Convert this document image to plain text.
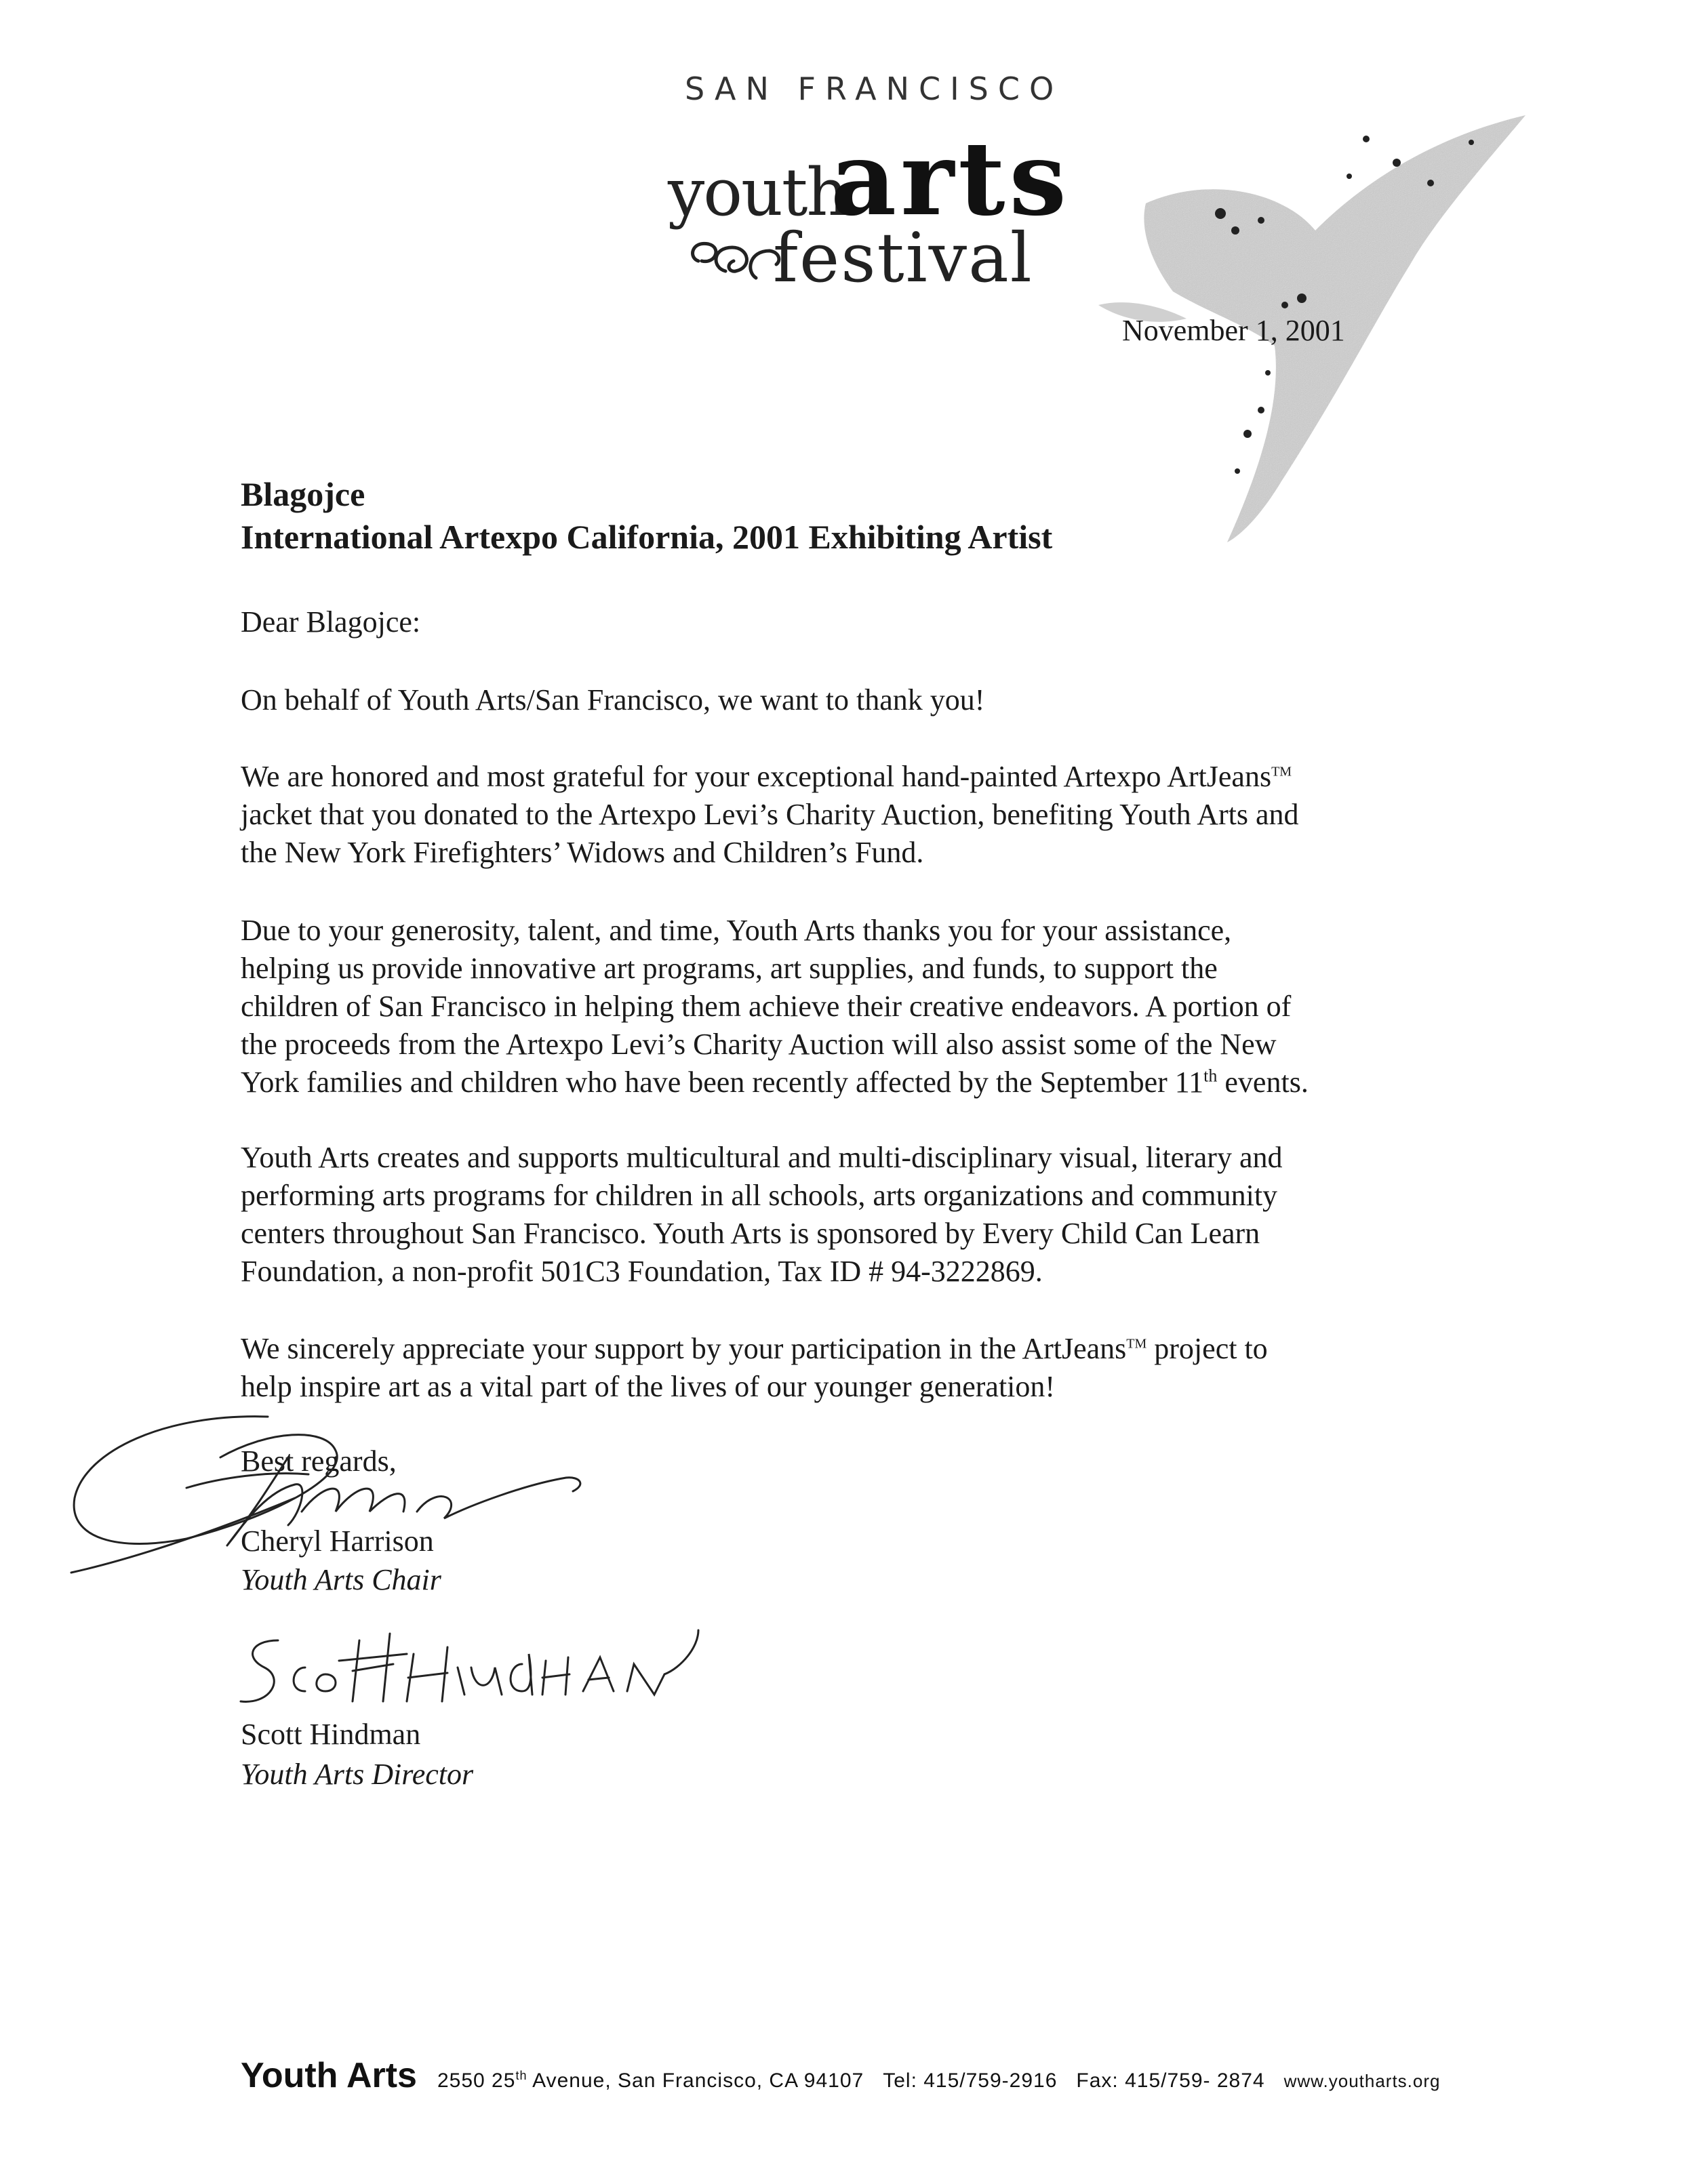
SAN FRANCISCO
youth
arts
festival
November 1, 2001
Blagojce
International Artexpo California, 2001 Exhibiting Artist
Dear Blagojce:
On behalf of Youth Arts/San Francisco, we want to thank you!
We are honored and most grateful for your exceptional hand-painted Artexpo ArtJeans™
jacket that you donated to the Artexpo Levi’s Charity Auction, benefiting Youth Arts and
the New York Firefighters’ Widows and Children’s Fund.
Due to your generosity, talent, and time, Youth Arts thanks you for your assistance,
helping us provide innovative art programs, art supplies, and funds, to support the
children of San Francisco in helping them achieve their creative endeavors. A portion of
the proceeds from the Artexpo Levi’s Charity Auction will also assist some of the New
York families and children who have been recently affected by the September 11th events.
Youth Arts creates and supports multicultural and multi-disciplinary visual, literary and
performing arts programs for children in all schools, arts organizations and community
centers throughout San Francisco. Youth Arts is sponsored by Every Child Can Learn
Foundation, a non-profit 501C3 Foundation, Tax ID # 94-3222869.
We sincerely appreciate your support by your participation in the ArtJeans™ project to
help inspire art as a vital part of the lives of our younger generation!
Best regards,
Cheryl Harrison
Youth Arts Chair
Scott Hindman
Youth Arts Director
Youth Arts 2550 25th Avenue, San Francisco, CA 94107 Tel: 415/759-2916 Fax: 415/759- 2874 www.youtharts.org
